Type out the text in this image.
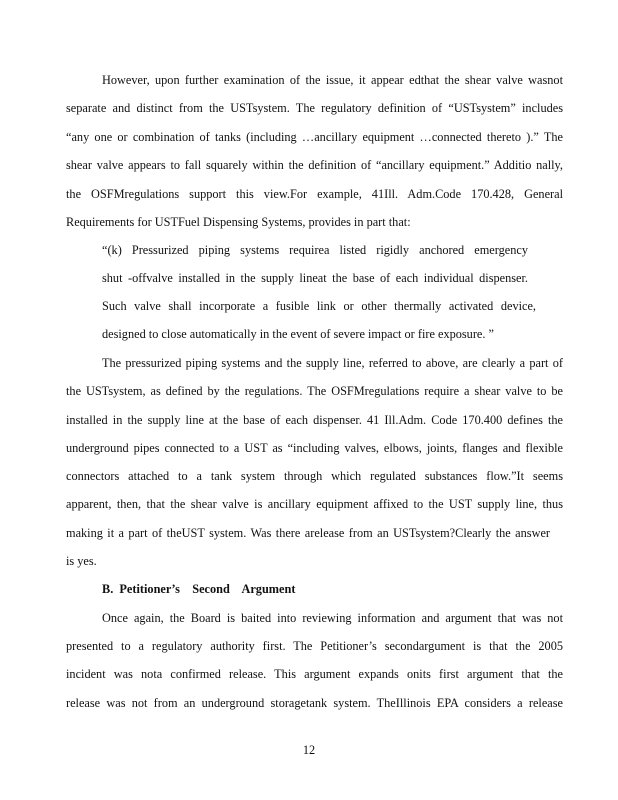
However, upon further examination of the issue, it appear edthat the shear valve wasnot
separate and distinct from the USTsystem. The regulatory definition of “USTsystem” includes
“any one or combination of tanks (including …ancillary equipment …connected thereto ).” The
shear valve appears to fall squarely within the definition of “ancillary equipment.” Additio nally,
the OSFMregulations support this view.For example, 41Ill. Adm.Code 170.428, General
Requirements for USTFuel Dispensing Systems, provides in part that:
“(k) Pressurized piping systems requirea listed rigidly anchored emergency
shut -offvalve installed in the supply lineat the base of each individual dispenser.
Such valve shall incorporate a fusible link or other thermally activated device,
designed to close automatically in the event of severe impact or fire exposure. ”
The pressurized piping systems and the supply line, referred to above, are clearly a part of
the USTsystem, as defined by the regulations. The OSFMregulations require a shear valve to be
installed in the supply line at the base of each dispenser. 41 Ill.Adm. Code 170.400 defines the
underground pipes connected to a UST as “including valves, elbows, joints, flanges and flexible
connectors attached to a tank system through which regulated substances flow.”It seems
apparent, then, that the shear valve is ancillary equipment affixed to the UST supply line, thus
making it a part of theUST system. Was there arelease from an USTsystem?Clearly the answer
is yes.
B.  Petitioner’s    Second    Argument
Once again, the Board is baited into reviewing information and argument that was not
presented to a regulatory authority first. The Petitioner’s secondargument is that the 2005
incident was nota confirmed release. This argument expands onits first argument that the
release was not from an underground storagetank system. TheIllinois EPA considers a release
12
